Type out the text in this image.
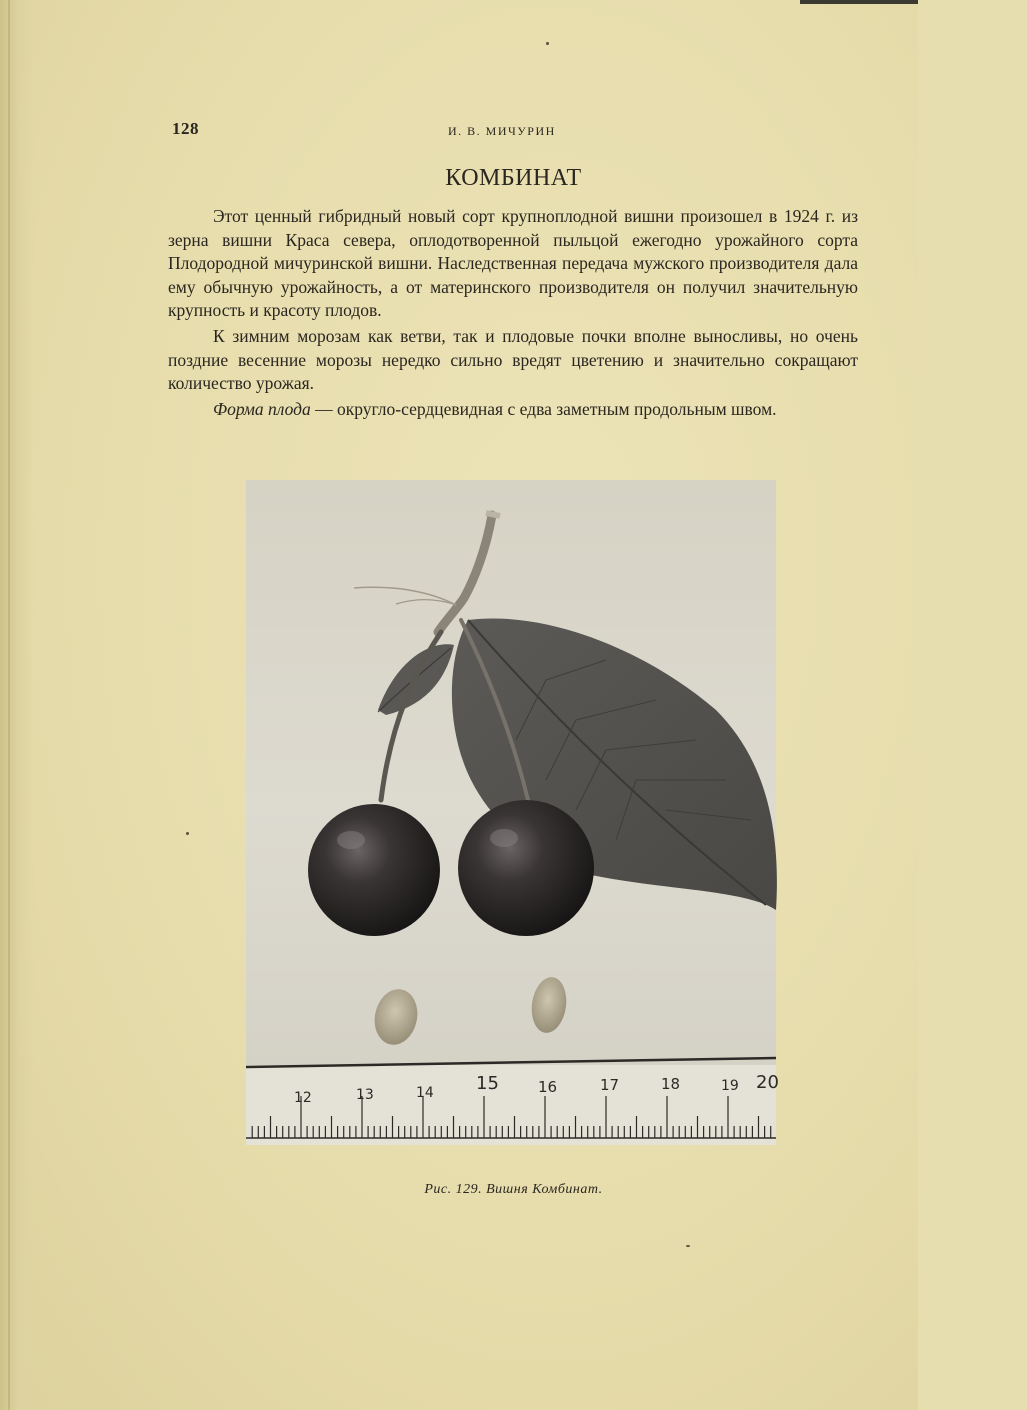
128	И. В. МИЧУРИН
КОМБИНАТ

Этот ценный гибридный новый сорт крупноплодной вишни произошел в 1924 г. из зерна вишни Краса севера, оплодотворенной пыльцой ежегодно урожайного сорта Плодородной мичуринской вишни. Наследственная передача мужского производителя дала ему обычную урожайность, а от материнского производителя он получил значительную крупность и красоту плодов.

К зимним морозам как ветви, так и плодовые почки вполне выносливы, но очень поздние весенние морозы нередко сильно вредят цветению и значительно сокращают количество урожая.

Форма плода — округло-сердцевидная с едва заметным продольным швом.

12	13	14 15	16	17	18	19 20
Рис. 129. Вишня Комбинат.
